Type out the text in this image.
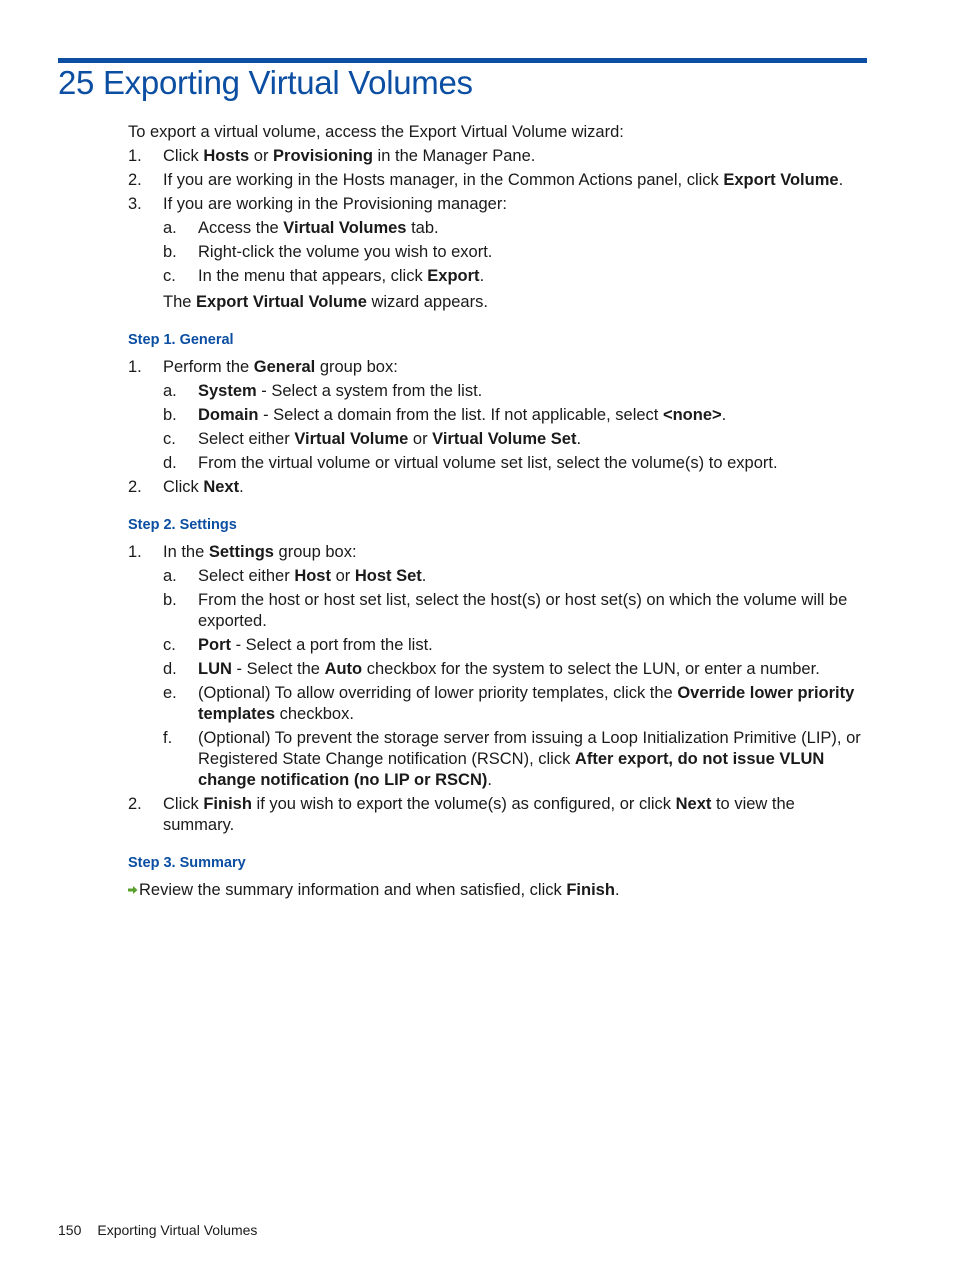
25 Exporting Virtual Volumes

To export a virtual volume, access the Export Virtual Volume wizard:

1. Click Hosts or Provisioning in the Manager Pane.
2. If you are working in the Hosts manager, in the Common Actions panel, click Export Volume.
3. If you are working in the Provisioning manager:
a. Access the Virtual Volumes tab.
b. Right-click the volume you wish to exort.
c. In the menu that appears, click Export.

The Export Virtual Volume wizard appears.

Step 1. General

1. Perform the General group box:
a. System - Select a system from the list.
b. Domain - Select a domain from the list. If not applicable, select <none>.
c. Select either Virtual Volume or Virtual Volume Set.
d. From the virtual volume or virtual volume set list, select the volume(s) to export.
2. Click Next.

Step 2. Settings

1. In the Settings group box:
a. Select either Host or Host Set.
b. From the host or host set list, select the host(s) or host set(s) on which the volume will be exported.
c. Port - Select a port from the list.
d. LUN - Select the Auto checkbox for the system to select the LUN, or enter a number.
e. (Optional) To allow overriding of lower priority templates, click the Override lower priority templates checkbox.
f. (Optional) To prevent the storage server from issuing a Loop Initialization Primitive (LIP), or Registered State Change notification (RSCN), click After export, do not issue VLUN change notification (no LIP or RSCN).
2. Click Finish if you wish to export the volume(s) as configured, or click Next to view the summary.

Step 3. Summary

Review the summary information and when satisfied, click Finish.

150 Exporting Virtual Volumes
